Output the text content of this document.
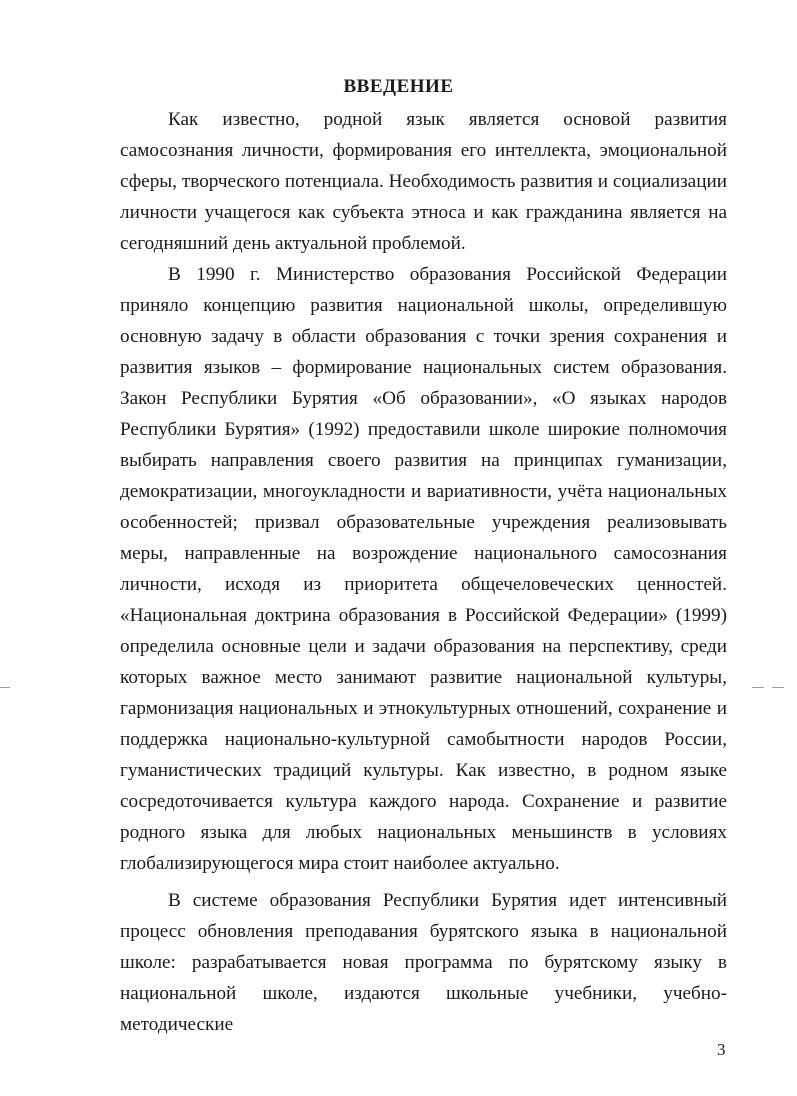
ВВЕДЕНИЕ

Как известно, родной язык является основой развития самосознания личности, формирования его интеллекта, эмоциональной сферы, творческого потенциала. Необходимость развития и социализации личности учащегося как субъекта этноса и как гражданина является на сегодняшний день актуальной проблемой.

В 1990 г. Министерство образования Российской Федерации приняло концепцию развития национальной школы, определившую основную задачу в области образования с точки зрения сохранения и развития языков – формирование национальных систем образования. Закон Республики Бурятия «Об образовании», «О языках народов Республики Бурятия» (1992) предоставили школе широкие полномочия выбирать направления своего развития на принципах гуманизации, демократизации, многоукладности и вариативности, учёта национальных особенностей; призвал образовательные учреждения реализовывать меры, направленные на возрождение национального самосознания личности, исходя из приоритета общечеловеческих ценностей. «Национальная доктрина образования в Российской Федерации» (1999) определила основные цели и задачи образования на перспективу, среди которых важное место занимают развитие национальной культуры, гармонизация национальных и этнокультурных отношений, сохранение и поддержка национально-культурной самобытности народов России, гуманистических традиций культуры. Как известно, в родном языке сосредоточивается культура каждого народа. Сохранение и развитие родного языка для любых национальных меньшинств в условиях глобализирующегося мира стоит наиболее актуально.

В системе образования Республики Бурятия идет интенсивный процесс обновления преподавания бурятского языка в национальной школе: разрабатывается новая программа по бурятскому языку в национальной школе, издаются школьные учебники, учебно-методические

3
